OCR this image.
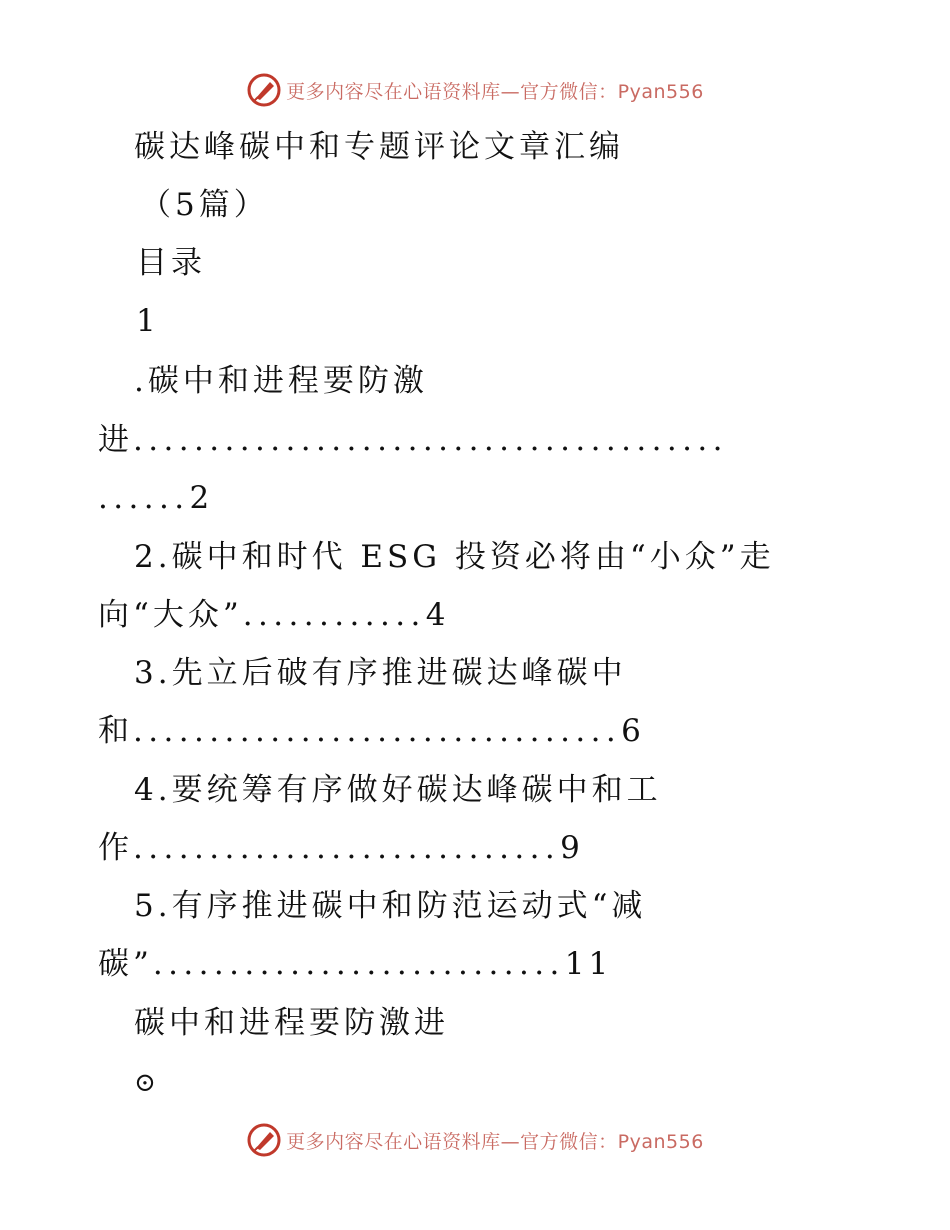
更多内容尽在心语资料库—官方微信：Pyan556
碳达峰碳中和专题评论文章汇编
（5篇）
目录
1
.碳中和进程要防激
进.......................................
......2
2.碳中和时代 ESG 投资必将由“小众”走
向“大众”............4
3.先立后破有序推进碳达峰碳中
和................................6
4.要统筹有序做好碳达峰碳中和工
作............................9
5.有序推进碳中和防范运动式“减
碳”...........................11
碳中和进程要防激进
⊙
更多内容尽在心语资料库—官方微信：Pyan556
